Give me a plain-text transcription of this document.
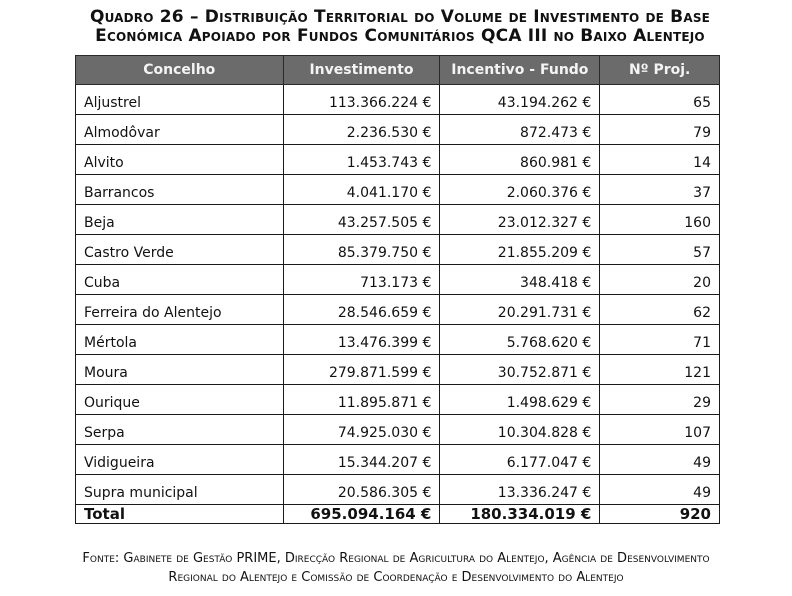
Quadro 26 – Distribuição Territorial do Volume de Investimento de Base
Económica Apoiado por Fundos Comunitários QCA III no Baixo Alentejo
Concelho	Investimento	Incentivo - Fundo	Nº Proj.
Aljustrel	113.366.224 €	43.194.262 €	65
Almodôvar	2.236.530 €	872.473 €	79
Alvito	1.453.743 €	860.981 €	14
Barrancos	4.041.170 €	2.060.376 €	37
Beja	43.257.505 €	23.012.327 €	160
Castro Verde	85.379.750 €	21.855.209 €	57
Cuba	713.173 €	348.418 €	20
Ferreira do Alentejo	28.546.659 €	20.291.731 €	62
Mértola	13.476.399 €	5.768.620 €	71
Moura	279.871.599 €	30.752.871 €	121
Ourique	11.895.871 €	1.498.629 €	29
Serpa	74.925.030 €	10.304.828 €	107
Vidigueira	15.344.207 €	6.177.047 €	49
Supra municipal	20.586.305 €	13.336.247 €	49
Total	695.094.164 €	180.334.019 €	920
Fonte: Gabinete de Gestão PRIME, Direcção Regional de Agricultura do Alentejo, Agência de Desenvolvimento
Regional do Alentejo e Comissão de Coordenação e Desenvolvimento do Alentejo
